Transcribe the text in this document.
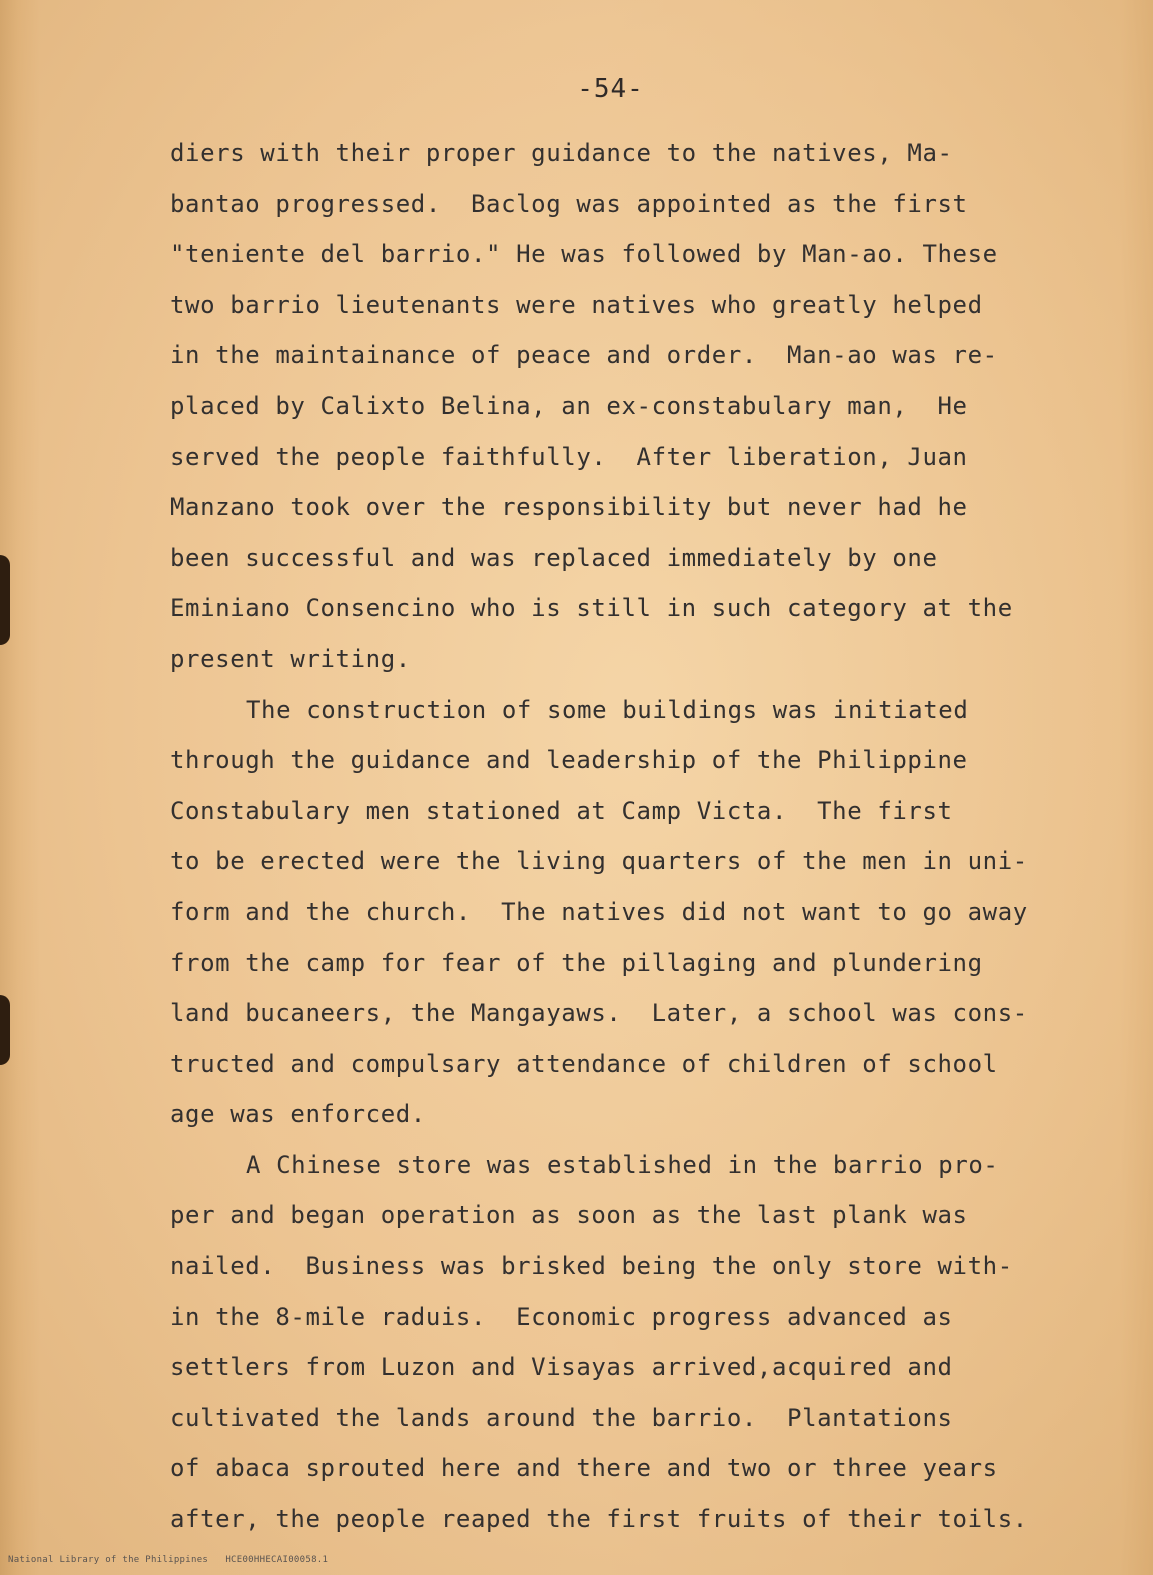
-54-
diers with their proper guidance to the natives, Ma-
bantao progressed.  Baclog was appointed as the first
"teniente del barrio." He was followed by Man-ao. These
two barrio lieutenants were natives who greatly helped
in the maintainance of peace and order.  Man-ao was re-
placed by Calixto Belina, an ex-constabulary man,  He
served the people faithfully.  After liberation, Juan
Manzano took over the responsibility but never had he
been successful and was replaced immediately by one
Eminiano Consencino who is still in such category at the
present writing.
The construction of some buildings was initiated
through the guidance and leadership of the Philippine
Constabulary men stationed at Camp Victa.  The first
to be erected were the living quarters of the men in uni-
form and the church.  The natives did not want to go away
from the camp for fear of the pillaging and plundering
land bucaneers, the Mangayaws.  Later, a school was cons-
tructed and compulsary attendance of children of school
age was enforced.
A Chinese store was established in the barrio pro-
per and began operation as soon as the last plank was
nailed.  Business was brisked being the only store with-
in the 8-mile raduis.  Economic progress advanced as
settlers from Luzon and Visayas arrived,acquired and
cultivated the lands around the barrio.  Plantations
of abaca sprouted here and there and two or three years
after, the people reaped the first fruits of their toils.
National Library of the Philippines HCE00HHECAI00058.1
